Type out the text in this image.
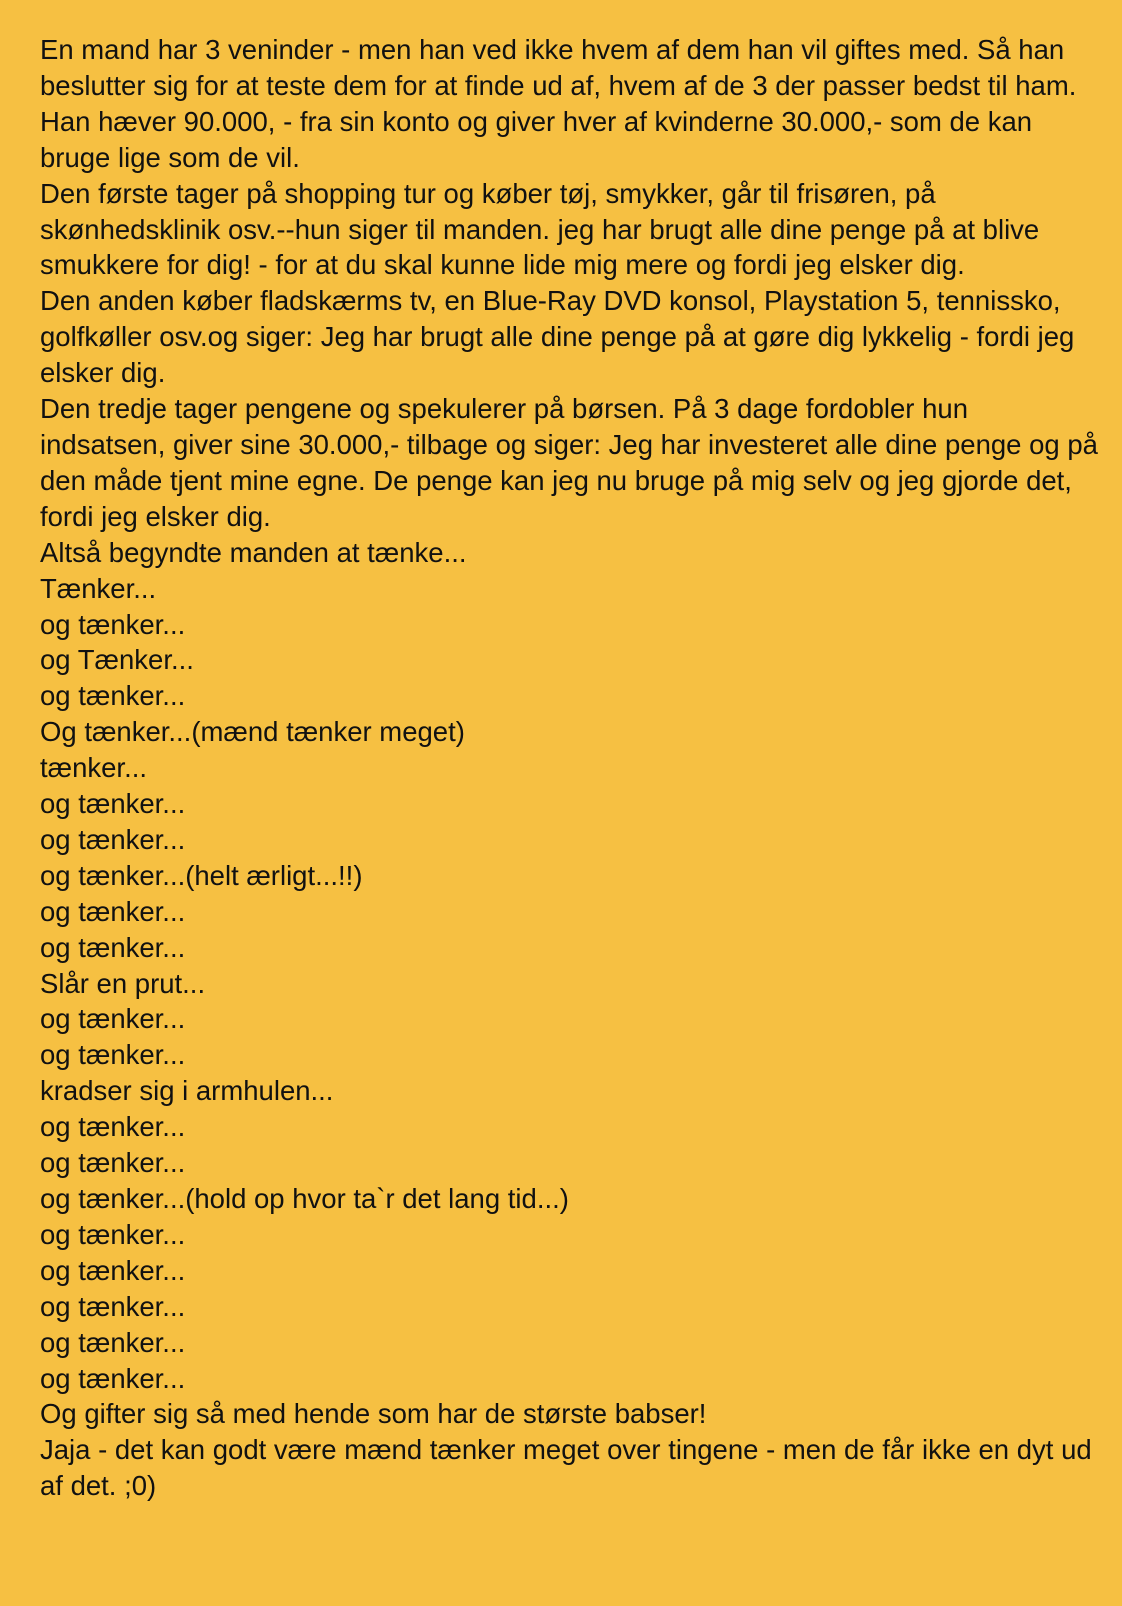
En mand har 3 veninder - men han ved ikke hvem af dem han vil giftes med. Så han beslutter sig for at teste dem for at finde ud af, hvem af de 3 der passer bedst til ham. Han hæver 90.000, - fra sin konto og giver hver af kvinderne 30.000,- som de kan bruge lige som de vil.

Den første tager på shopping tur og køber tøj, smykker, går til frisøren, på skønhedsklinik osv.--hun siger til manden. jeg har brugt alle dine penge på at blive smukkere for dig! - for at du skal kunne lide mig mere og fordi jeg elsker dig.

Den anden køber fladskærms tv, en Blue-Ray DVD konsol, Playstation 5, tennissko, golfkøller osv.og siger: Jeg har brugt alle dine penge på at gøre dig lykkelig - fordi jeg elsker dig.

Den tredje tager pengene og spekulerer på børsen. På 3 dage fordobler hun indsatsen, giver sine 30.000,- tilbage og siger: Jeg har investeret alle dine penge og på den måde tjent mine egne. De penge kan jeg nu bruge på mig selv og jeg gjorde det, fordi jeg elsker dig.

Altså begyndte manden at tænke...
Tænker...
og tænker...
og Tænker...
og tænker...
Og tænker...(mænd tænker meget)
tænker...
og tænker...
og tænker...
og tænker...(helt ærligt...!!)
og tænker...
og tænker...
Slår en prut...
og tænker...
og tænker...
kradser sig i armhulen...
og tænker...
og tænker...
og tænker...(hold op hvor ta`r det lang tid...)
og tænker...
og tænker...
og tænker...
og tænker...
og tænker...
Og gifter sig så med hende som har de største babser!

Jaja - det kan godt være mænd tænker meget over tingene - men de får ikke en dyt ud af det. ;0)
